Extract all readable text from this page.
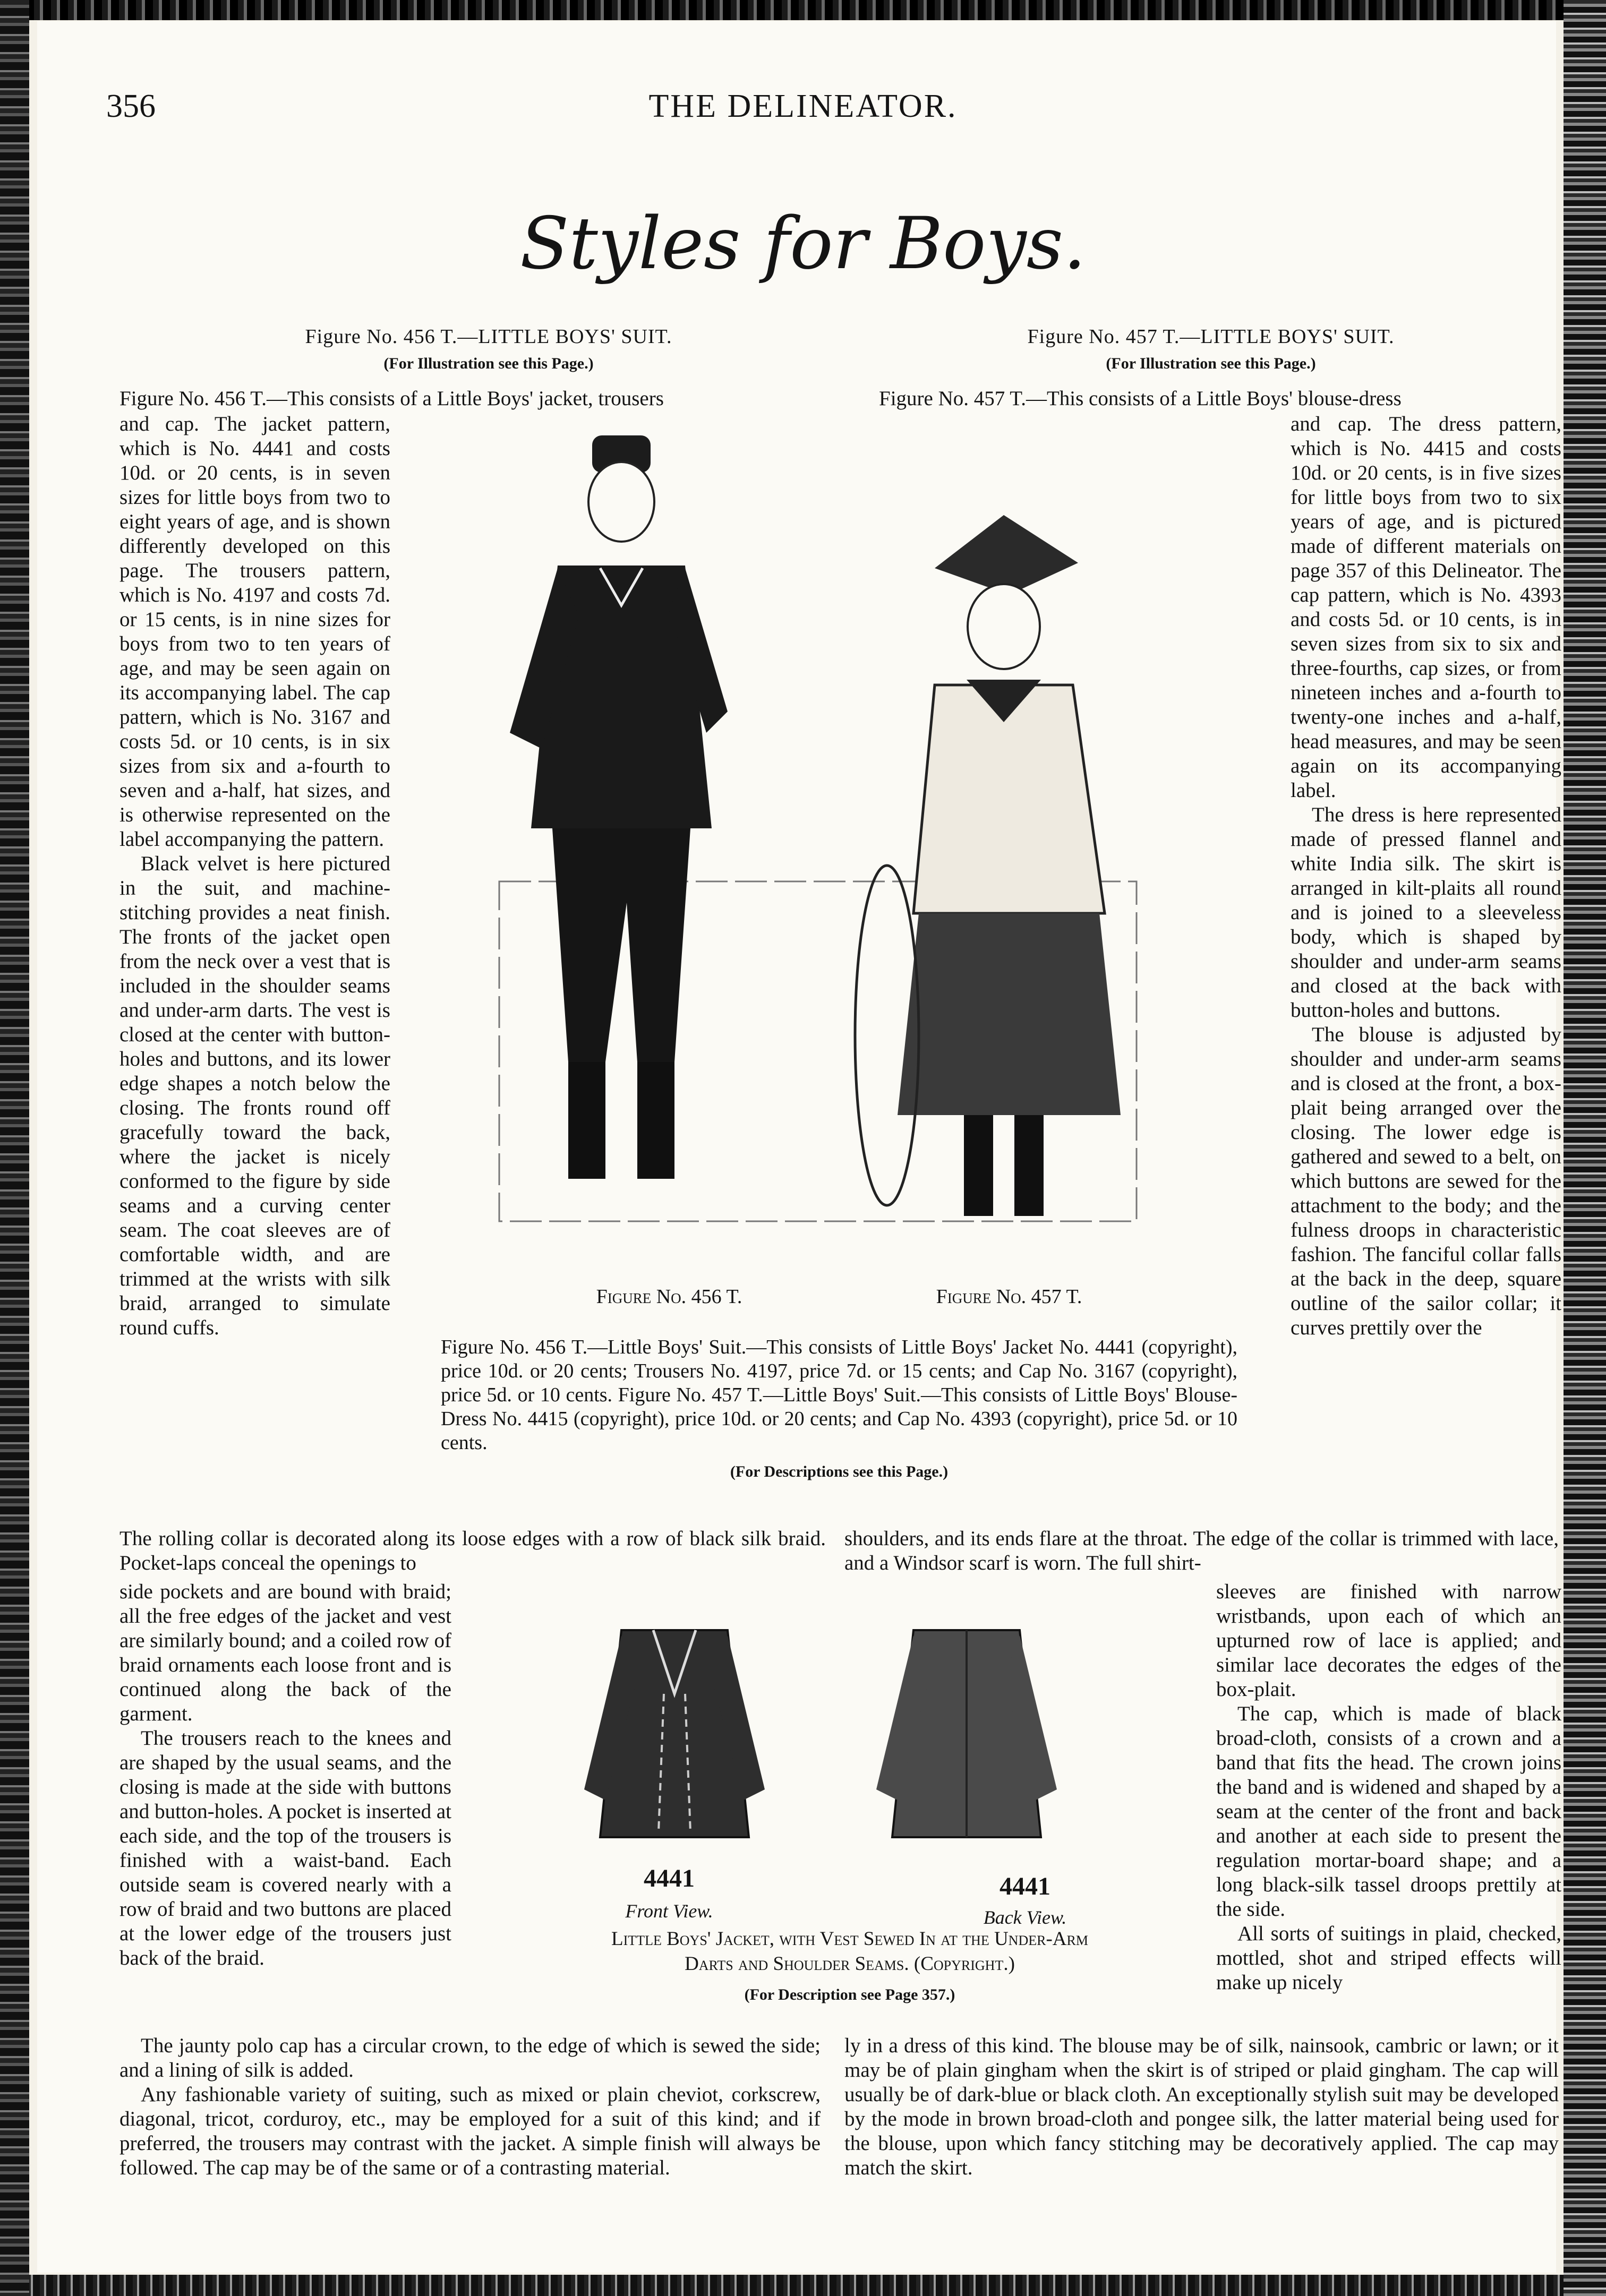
356	THE DELINEATOR.
Styles for Boys.
Figure No. 456 T.—LITTLE BOYS' SUIT.
(For Illustration see this Page.)
Figure No. 457 T.—LITTLE BOYS' SUIT.
(For Illustration see this Page.)
Figure No. 456 T.—This consists of a Little Boys' jacket, trousers	Figure No. 457 T.—This consists of a Little Boys' blouse-dress

and cap. The jacket pattern, which is No. 4441 and costs 10d. or 20 cents, is in seven sizes for little boys from two to eight years of age, and is shown differently developed on this page. The trousers pattern, which is No. 4197 and costs 7d. or 15 cents, is in nine sizes for boys from two to ten years of age, and may be seen again on its accompanying label. The cap pattern, which is No. 3167 and costs 5d. or 10 cents, is in six sizes from six and a-fourth to seven and a-half, hat sizes, and is otherwise represented on the label accompanying the pattern.

Black velvet is here pictured in the suit, and machine-stitching provides a neat finish. The fronts of the jacket open from the neck over a vest that is included in the shoulder seams and under-arm darts. The vest is closed at the center with button-holes and buttons, and its lower edge shapes a notch below the closing. The fronts round off gracefully toward the back, where the jacket is nicely conformed to the figure by side seams and a curving center seam. The coat sleeves are of comfortable width, and are trimmed at the wrists with silk braid, arranged to simulate round cuffs.

and cap. The dress pattern, which is No. 4415 and costs 10d. or 20 cents, is in five sizes for little boys from two to six years of age, and is pictured made of different materials on page 357 of this Delineator. The cap pattern, which is No. 4393 and costs 5d. or 10 cents, is in seven sizes from six to six and three-fourths, cap sizes, or from nineteen inches and a-fourth to twenty-one inches and a-half, head measures, and may be seen again on its accompanying label.

The dress is here represented made of pressed flannel and white India silk. The skirt is arranged in kilt-plaits all round and is joined to a sleeveless body, which is shaped by shoulder and under-arm seams and closed at the back with button-holes and buttons.

The blouse is adjusted by shoulder and under-arm seams and is closed at the front, a box-plait being arranged over the closing. The lower edge is gathered and sewed to a belt, on which buttons are sewed for the attachment to the body; and the fulness droops in characteristic fashion. The fanciful collar falls at the back in the deep, square outline of the sailor collar; it curves prettily over the

Figure No. 456 T.	Figure No. 457 T.
Figure No. 456 T.—Little Boys' Suit.—This consists of Little Boys' Jacket No. 4441 (copyright), price 10d. or 20 cents; Trousers No. 4197, price 7d. or 15 cents; and Cap No. 3167 (copyright), price 5d. or 10 cents. Figure No. 457 T.—Little Boys' Suit.—This consists of Little Boys' Blouse-Dress No. 4415 (copyright), price 10d. or 20 cents; and Cap No. 4393 (copyright), price 5d. or 10 cents.
(For Descriptions see this Page.)
The rolling collar is decorated along its loose edges with a row of black silk braid. Pocket-laps conceal the openings to
shoulders, and its ends flare at the throat. The edge of the collar is trimmed with lace, and a Windsor scarf is worn. The full shirt-

side pockets and are bound with braid; all the free edges of the jacket and vest are similarly bound; and a coiled row of braid ornaments each loose front and is continued along the back of the garment.

The trousers reach to the knees and are shaped by the usual seams, and the closing is made at the side with buttons and button-holes. A pocket is inserted at each side, and the top of the trousers is finished with a waist-band. Each outside seam is covered nearly with a row of braid and two buttons are placed at the lower edge of the trousers just back of the braid.

4441	4441
Front View.	Back View.
Little Boys' Jacket, with Vest Sewed In at the Under-Arm
Darts and Shoulder Seams. (Copyright.)
(For Description see Page 357.)

sleeves are finished with narrow wristbands, upon each of which an upturned row of lace is applied; and similar lace decorates the edges of the box-plait.

The cap, which is made of black broad-cloth, consists of a crown and a band that fits the head. The crown joins the band and is widened and shaped by a seam at the center of the front and back and another at each side to present the regulation mortar-board shape; and a long black-silk tassel droops prettily at the side.

All sorts of suitings in plaid, checked, mottled, shot and striped effects will make up nicely

The jaunty polo cap has a circular crown, to the edge of which is sewed the side; and a lining of silk is added.

Any fashionable variety of suiting, such as mixed or plain cheviot, corkscrew, diagonal, tricot, corduroy, etc., may be employed for a suit of this kind; and if preferred, the trousers may contrast with the jacket. A simple finish will always be followed. The cap may be of the same or of a contrasting material.

ly in a dress of this kind. The blouse may be of silk, nainsook, cambric or lawn; or it may be of plain gingham when the skirt is of striped or plaid gingham. The cap will usually be of dark-blue or black cloth. An exceptionally stylish suit may be developed by the mode in brown broad-cloth and pongee silk, the latter material being used for the blouse, upon which fancy stitching may be decoratively applied. The cap may match the skirt.
